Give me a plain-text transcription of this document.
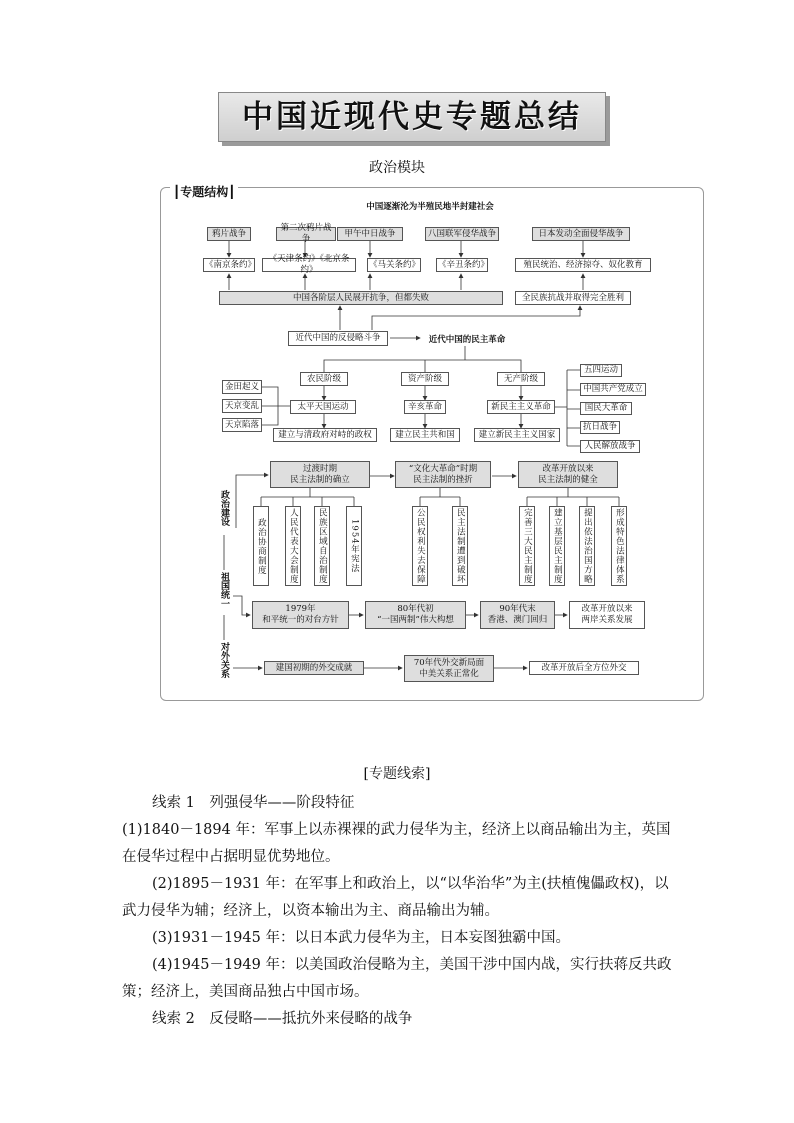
中国近现代史专题总结
政治模块
┃专题结构┃
中国逐渐沦为半殖民地半封建社会
鸦片战争
第二次鸦片战争
甲午中日战争	八国联军侵华战争	日本发动全面侵华战争
《南京条约》
《天津条约》《北京条约》
《马关条约》 《辛丑条约》	殖民统治、经济掠夺、奴化教育
中国各阶层人民展开抗争，但都失败	全民族抗战并取得完全胜利
近代中国的反侵略斗争	近代中国的民主革命
农民阶级	资产阶级	无产阶级
金田起义
天京变乱
天京陷落
太平天国运动	辛亥革命	新民主主义革命
建立与清政府对峙的政权	建立民主共和国	建立新民主主义国家
五四运动
中国共产党成立
国民大革命
抗日战争
人民解放战争
政治建设
祖国统一
对外关系
过渡时期
民主法制的确立
“文化大革命”时期
民主法制的挫折
改革开放以来
民主法制的健全
政治协商制度	人民代表大会制度	民族区域自治制度	1954年宪法	公民权利失去保障	民主法制遭到破坏	完善三大民主制度	建立基层民主制度	提出依法治国方略	形成特色法律体系
1979年
和平统一的对台方针
80年代初
“一国两制”伟大构想
90年代末
香港、澳门回归
改革开放以来
两岸关系发展
建国初期的外交成就	70年代外交新局面
中美关系正常化
改革开放后全方位外交
[专题线索]
线索 1　列强侵华——阶段特征
(1)1840－1894 年：军事上以赤裸裸的武力侵华为主，经济上以商品输出为主，英国在侵华过程中占据明显优势地位。
(2)1895－1931 年：在军事上和政治上，以“以华治华”为主(扶植傀儡政权)，以武力侵华为辅；经济上，以资本输出为主、商品输出为辅。
(3)1931－1945 年：以日本武力侵华为主，日本妄图独霸中国。
(4)1945－1949 年：以美国政治侵略为主，美国干涉中国内战，实行扶蒋反共政策；经济上，美国商品独占中国市场。
线索 2　反侵略——抵抗外来侵略的战争
